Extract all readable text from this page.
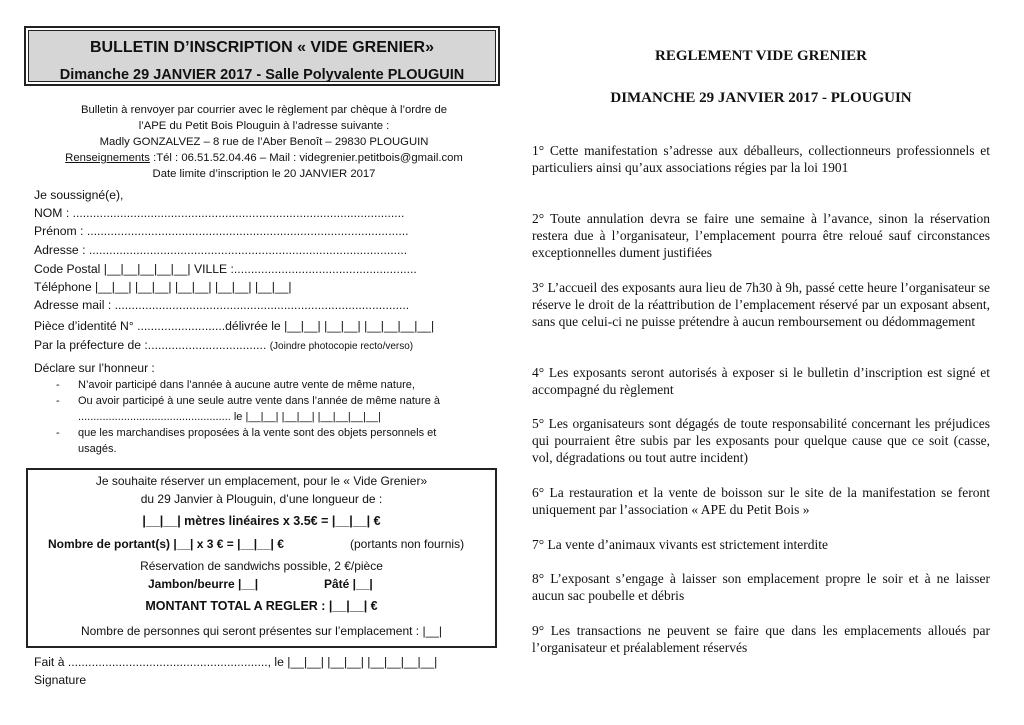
BULLETIN D’INSCRIPTION « VIDE GRENIER»
Dimanche 29 JANVIER 2017 - Salle Polyvalente PLOUGUIN
Bulletin à renvoyer par courrier avec le règlement par chèque à l’ordre de
l’APE du Petit Bois Plouguin à l’adresse suivante :
Madly GONZALVEZ – 8 rue de l’Aber Benoît – 29830 PLOUGUIN
Renseignements :Tél : 06.51.52.04.46 – Mail : videgrenier.petitbois@gmail.com
Date limite d’inscription le 20 JANVIER 2017
Je soussigné(e),
NOM : ..................................................................................................
Prénom : ...............................................................................................
Adresse : ..............................................................................................
Code Postal |__|__|__|__|__| VILLE :......................................................
Téléphone |__|__| |__|__| |__|__| |__|__| |__|__|
Adresse mail : .......................................................................................
Pièce d’identité N° ..........................délivrée le |__|__| |__|__| |__|__|__|__|
Par la préfecture de :................................... (Joindre photocopie recto/verso)
Déclare sur l’honneur :
- N’avoir participé dans l’année à aucune autre vente de même nature,
- Ou avoir participé à une seule autre vente dans l’année de même nature à
.................................................. le |__|__| |__|__| |__|__|__|__|
- que les marchandises proposées à la vente sont des objets personnels et
usagés.
Je souhaite réserver un emplacement, pour le « Vide Grenier»
du 29 Janvier à Plouguin, d’une longueur de :
|__|__| mètres linéaires x 3.5€ = |__|__| €
Nombre de portant(s) |__| x 3 € = |__|__| €	(portants non fournis)
Réservation de sandwichs possible, 2 €/pièce
Jambon/beurre |__|	Pâté |__|
MONTANT TOTAL A REGLER : |__|__| €
Nombre de personnes qui seront présentes sur l’emplacement : |__|
Fait à ..........................................................., le |__|__| |__|__| |__|__|__|__|
Signature
REGLEMENT VIDE GRENIER
DIMANCHE 29 JANVIER 2017 - PLOUGUIN
1° Cette manifestation s’adresse aux déballeurs, collectionneurs professionnels et particuliers ainsi qu’aux associations régies par la loi 1901
2° Toute annulation devra se faire une semaine à l’avance, sinon la réservation restera due à l’organisateur, l’emplacement pourra être reloué sauf circonstances exceptionnelles dument justifiées
3° L’accueil des exposants aura lieu de 7h30 à 9h, passé cette heure l’organisateur se réserve le droit de la réattribution de l’emplacement réservé par un exposant absent, sans que celui-ci ne puisse prétendre à aucun remboursement ou dédommagement
4° Les exposants seront autorisés à exposer si le bulletin d’inscription est signé et accompagné du règlement
5° Les organisateurs sont dégagés de toute responsabilité concernant les préjudices qui pourraient être subis par les exposants pour quelque cause que ce soit (casse, vol, dégradations ou tout autre incident)
6° La restauration et la vente de boisson sur le site de la manifestation se feront uniquement par l’association « APE du Petit Bois »
7° La vente d’animaux vivants est strictement interdite
8° L’exposant s’engage à laisser son emplacement propre le soir et à ne laisser aucun sac poubelle et débris
9° Les transactions ne peuvent se faire que dans les emplacements alloués par l’organisateur et préalablement réservés
